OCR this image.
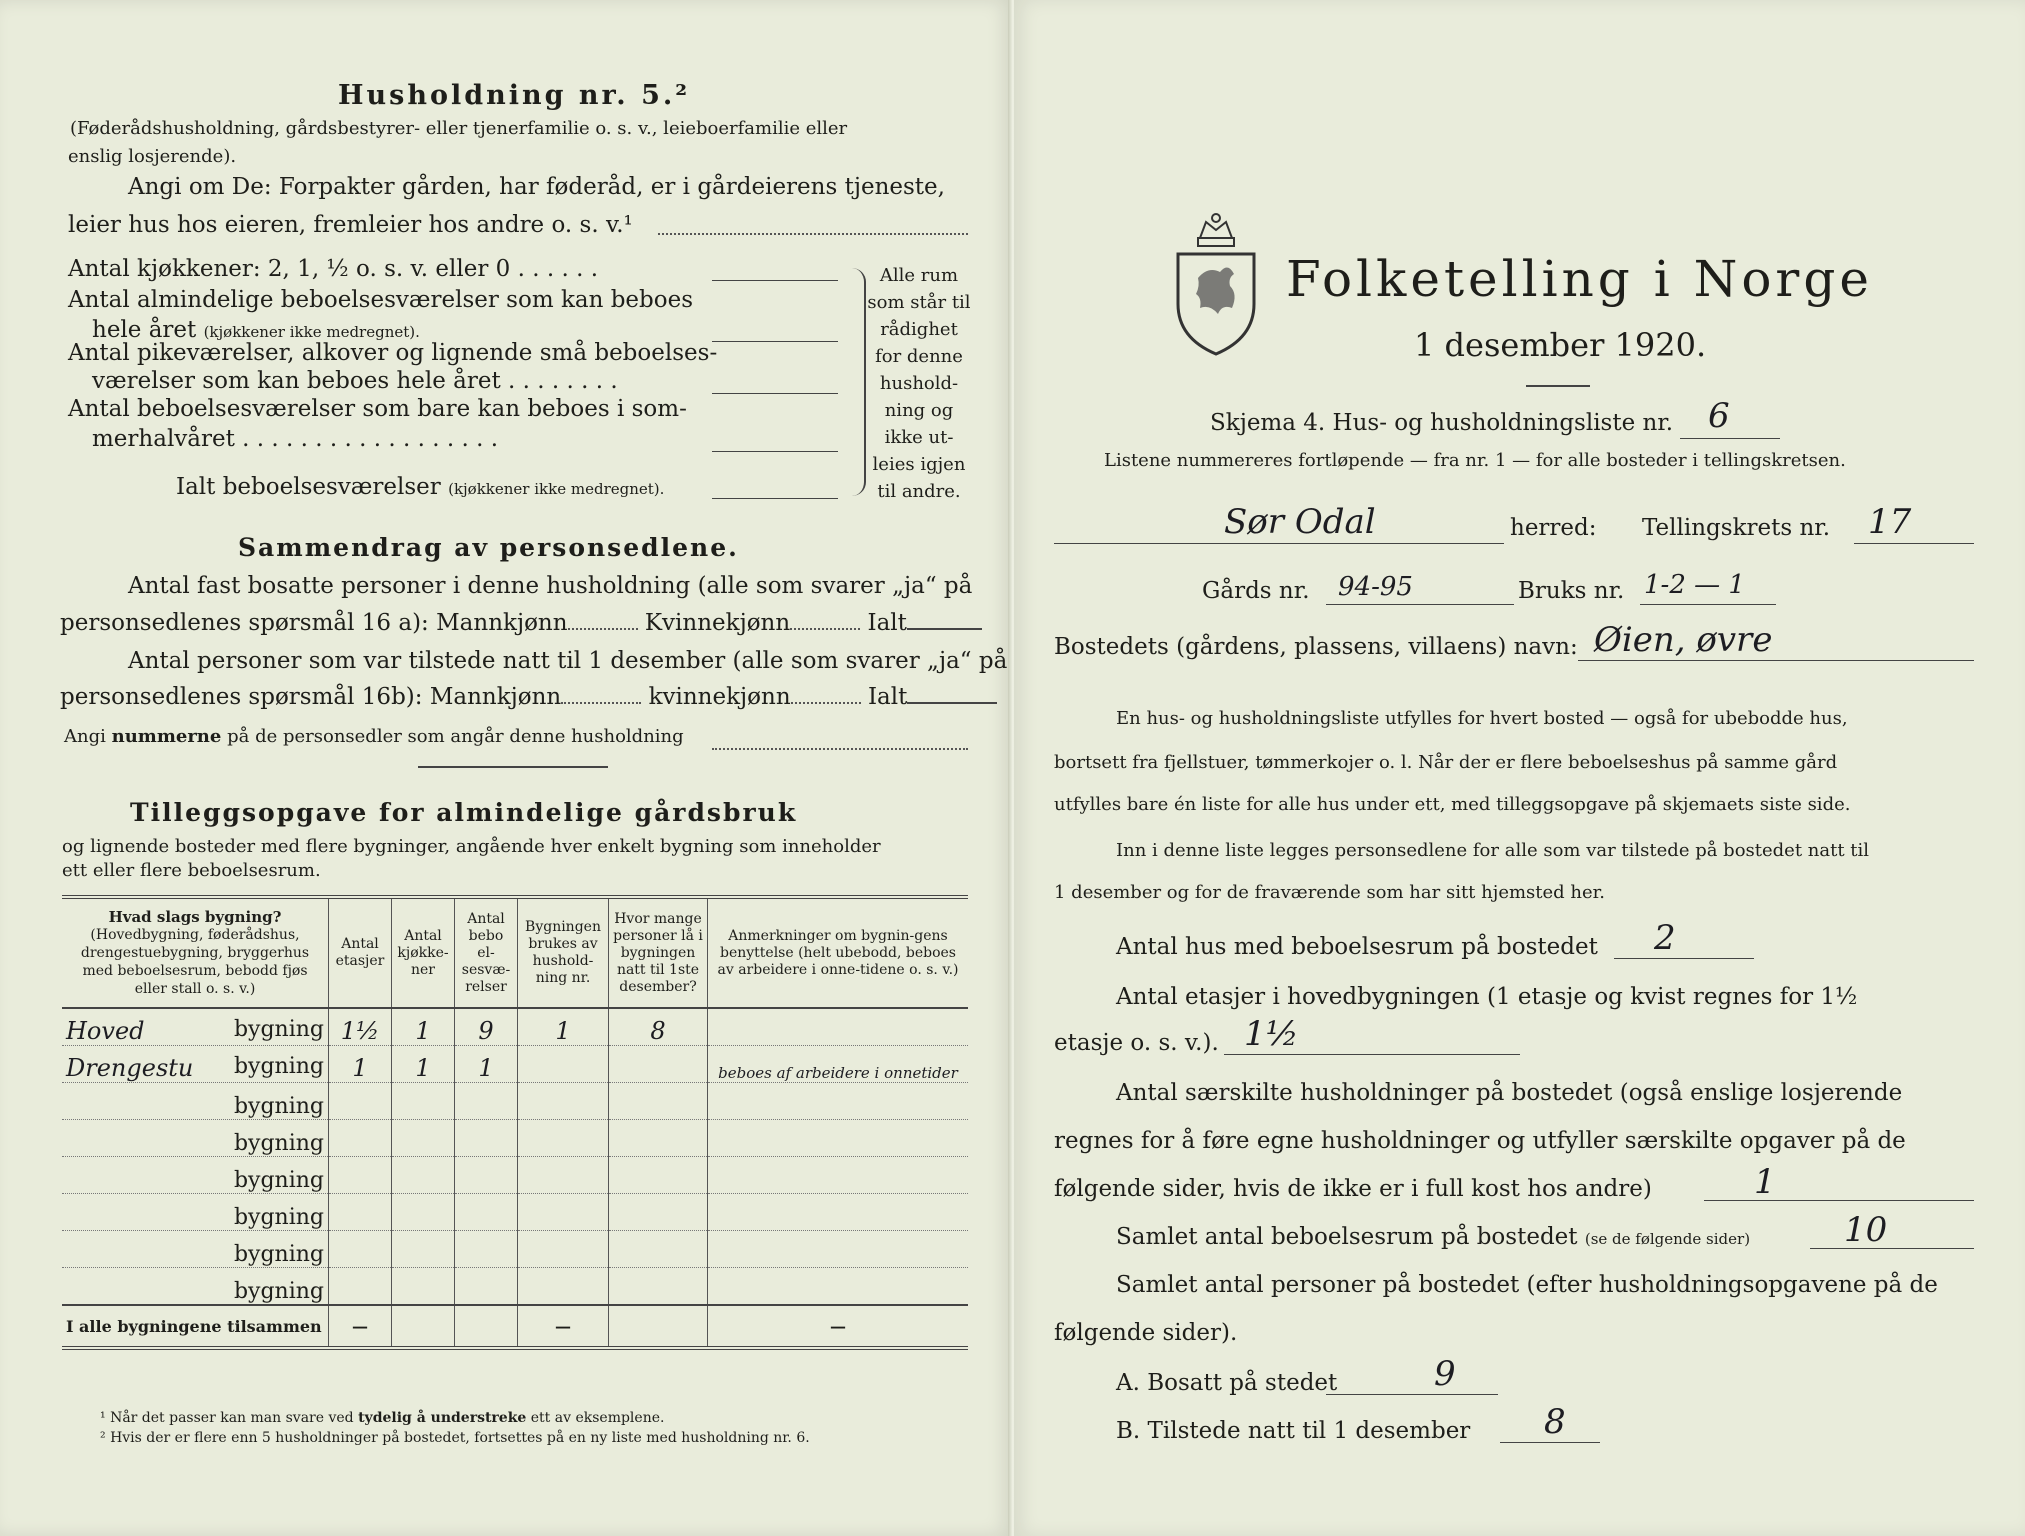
Husholdning nr. 5.²
(Føderådshusholdning, gårdsbestyrer- eller tjenerfamilie o. s. v., leieboerfamilie eller
enslig losjerende).
Angi om De: Forpakter gården, har føderåd, er i gårdeierens tjeneste,
leier hus hos eieren, fremleier hos andre o. s. v.¹
Antal kjøkkener: 2, 1, ½ o. s. v. eller 0 . . . . . .
Antal almindelige beboelsesværelser som kan beboes
hele året (kjøkkener ikke medregnet).
Antal pikeværelser, alkover og lignende små beboelses-
værelser som kan beboes hele året . . . . . . . .
Antal beboelsesværelser som bare kan beboes i som-
merhalvåret . . . . . . . . . . . . . . . . . .
Ialt beboelsesværelser (kjøkkener ikke medregnet).
Alle rum
som står til
rådighet
for denne
hushold-
ning og
ikke ut-
leies igjen
til andre.
Sammendrag av personsedlene.
Antal fast bosatte personer i denne husholdning (alle som svarer „ja“ på
personsedlenes spørsmål 16 a): Mannkjønn	Kvinnekjønn	Ialt
Antal personer som var tilstede natt til 1 desember (alle som svarer „ja“ på
personsedlenes spørsmål 16b): Mannkjønn	kvinnekjønn	Ialt
Angi nummerne på de personsedler som angår denne husholdning
Tilleggsopgave for almindelige gårdsbruk
og lignende bosteder med flere bygninger, angående hver enkelt bygning som inneholder
ett eller flere beboelsesrum.
Hvad slags bygning?
(Hovedbygning, føderådshus, drengestuebygning, bryggerhus med beboelsesrum, bebodd fjøs eller stall o. s. v.)	Antal etasjer	Antal kjøkke-ner	Antal bebo el-sesvæ-relser	Bygningen brukes av hushold-ning nr.	Hvor mange personer lå i bygningen natt til 1ste desember?	Anmerkninger om bygnin-gens benyttelse (helt ubebodd, beboes av arbeidere i onne-tidene o. s. v.)

Hoved bygning	1½	1	9	1	8	

Drengestu bygning	1	1	1			beboes af arbeidere i onnetider

bygning						

bygning						

bygning						

bygning						

bygning						

bygning						
I alle bygningene tilsammen	—			—		—
¹ Når det passer kan man svare ved tydelig å understreke ett av eksemplene.
² Hvis der er flere enn 5 husholdninger på bostedet, fortsettes på en ny liste med husholdning nr. 6.
Folketelling i Norge
1 desember 1920.
Skjema 4. Hus- og husholdningsliste nr. 6
Listene nummereres fortløpende — fra nr. 1 — for alle bosteder i tellingskretsen.
Sør Odal	herred: Tellingskrets nr. 17
Gårds nr. 94-95	Bruks nr. 1-2 — 1
Bostedets (gårdens, plassens, villaens) navn: Øien, øvre
En hus- og husholdningsliste utfylles for hvert bosted — også for ubebodde hus,
bortsett fra fjellstuer, tømmerkojer o. l. Når der er flere beboelseshus på samme gård
utfylles bare én liste for alle hus under ett, med tilleggsopgave på skjemaets siste side.
Inn i denne liste legges personsedlene for alle som var tilstede på bostedet natt til
1 desember og for de fraværende som har sitt hjemsted her.
Antal hus med beboelsesrum på bostedet 2
Antal etasjer i hovedbygningen (1 etasje og kvist regnes for 1½
etasje o. s. v.). 1½
Antal særskilte husholdninger på bostedet (også enslige losjerende
regnes for å føre egne husholdninger og utfyller særskilte opgaver på de
følgende sider, hvis de ikke er i full kost hos andre)	1
Samlet antal beboelsesrum på bostedet (se de følgende sider)	10
Samlet antal personer på bostedet (efter husholdningsopgavene på de
følgende sider).
A. Bosatt på stedet	9
B. Tilstede natt til 1 desember 8
